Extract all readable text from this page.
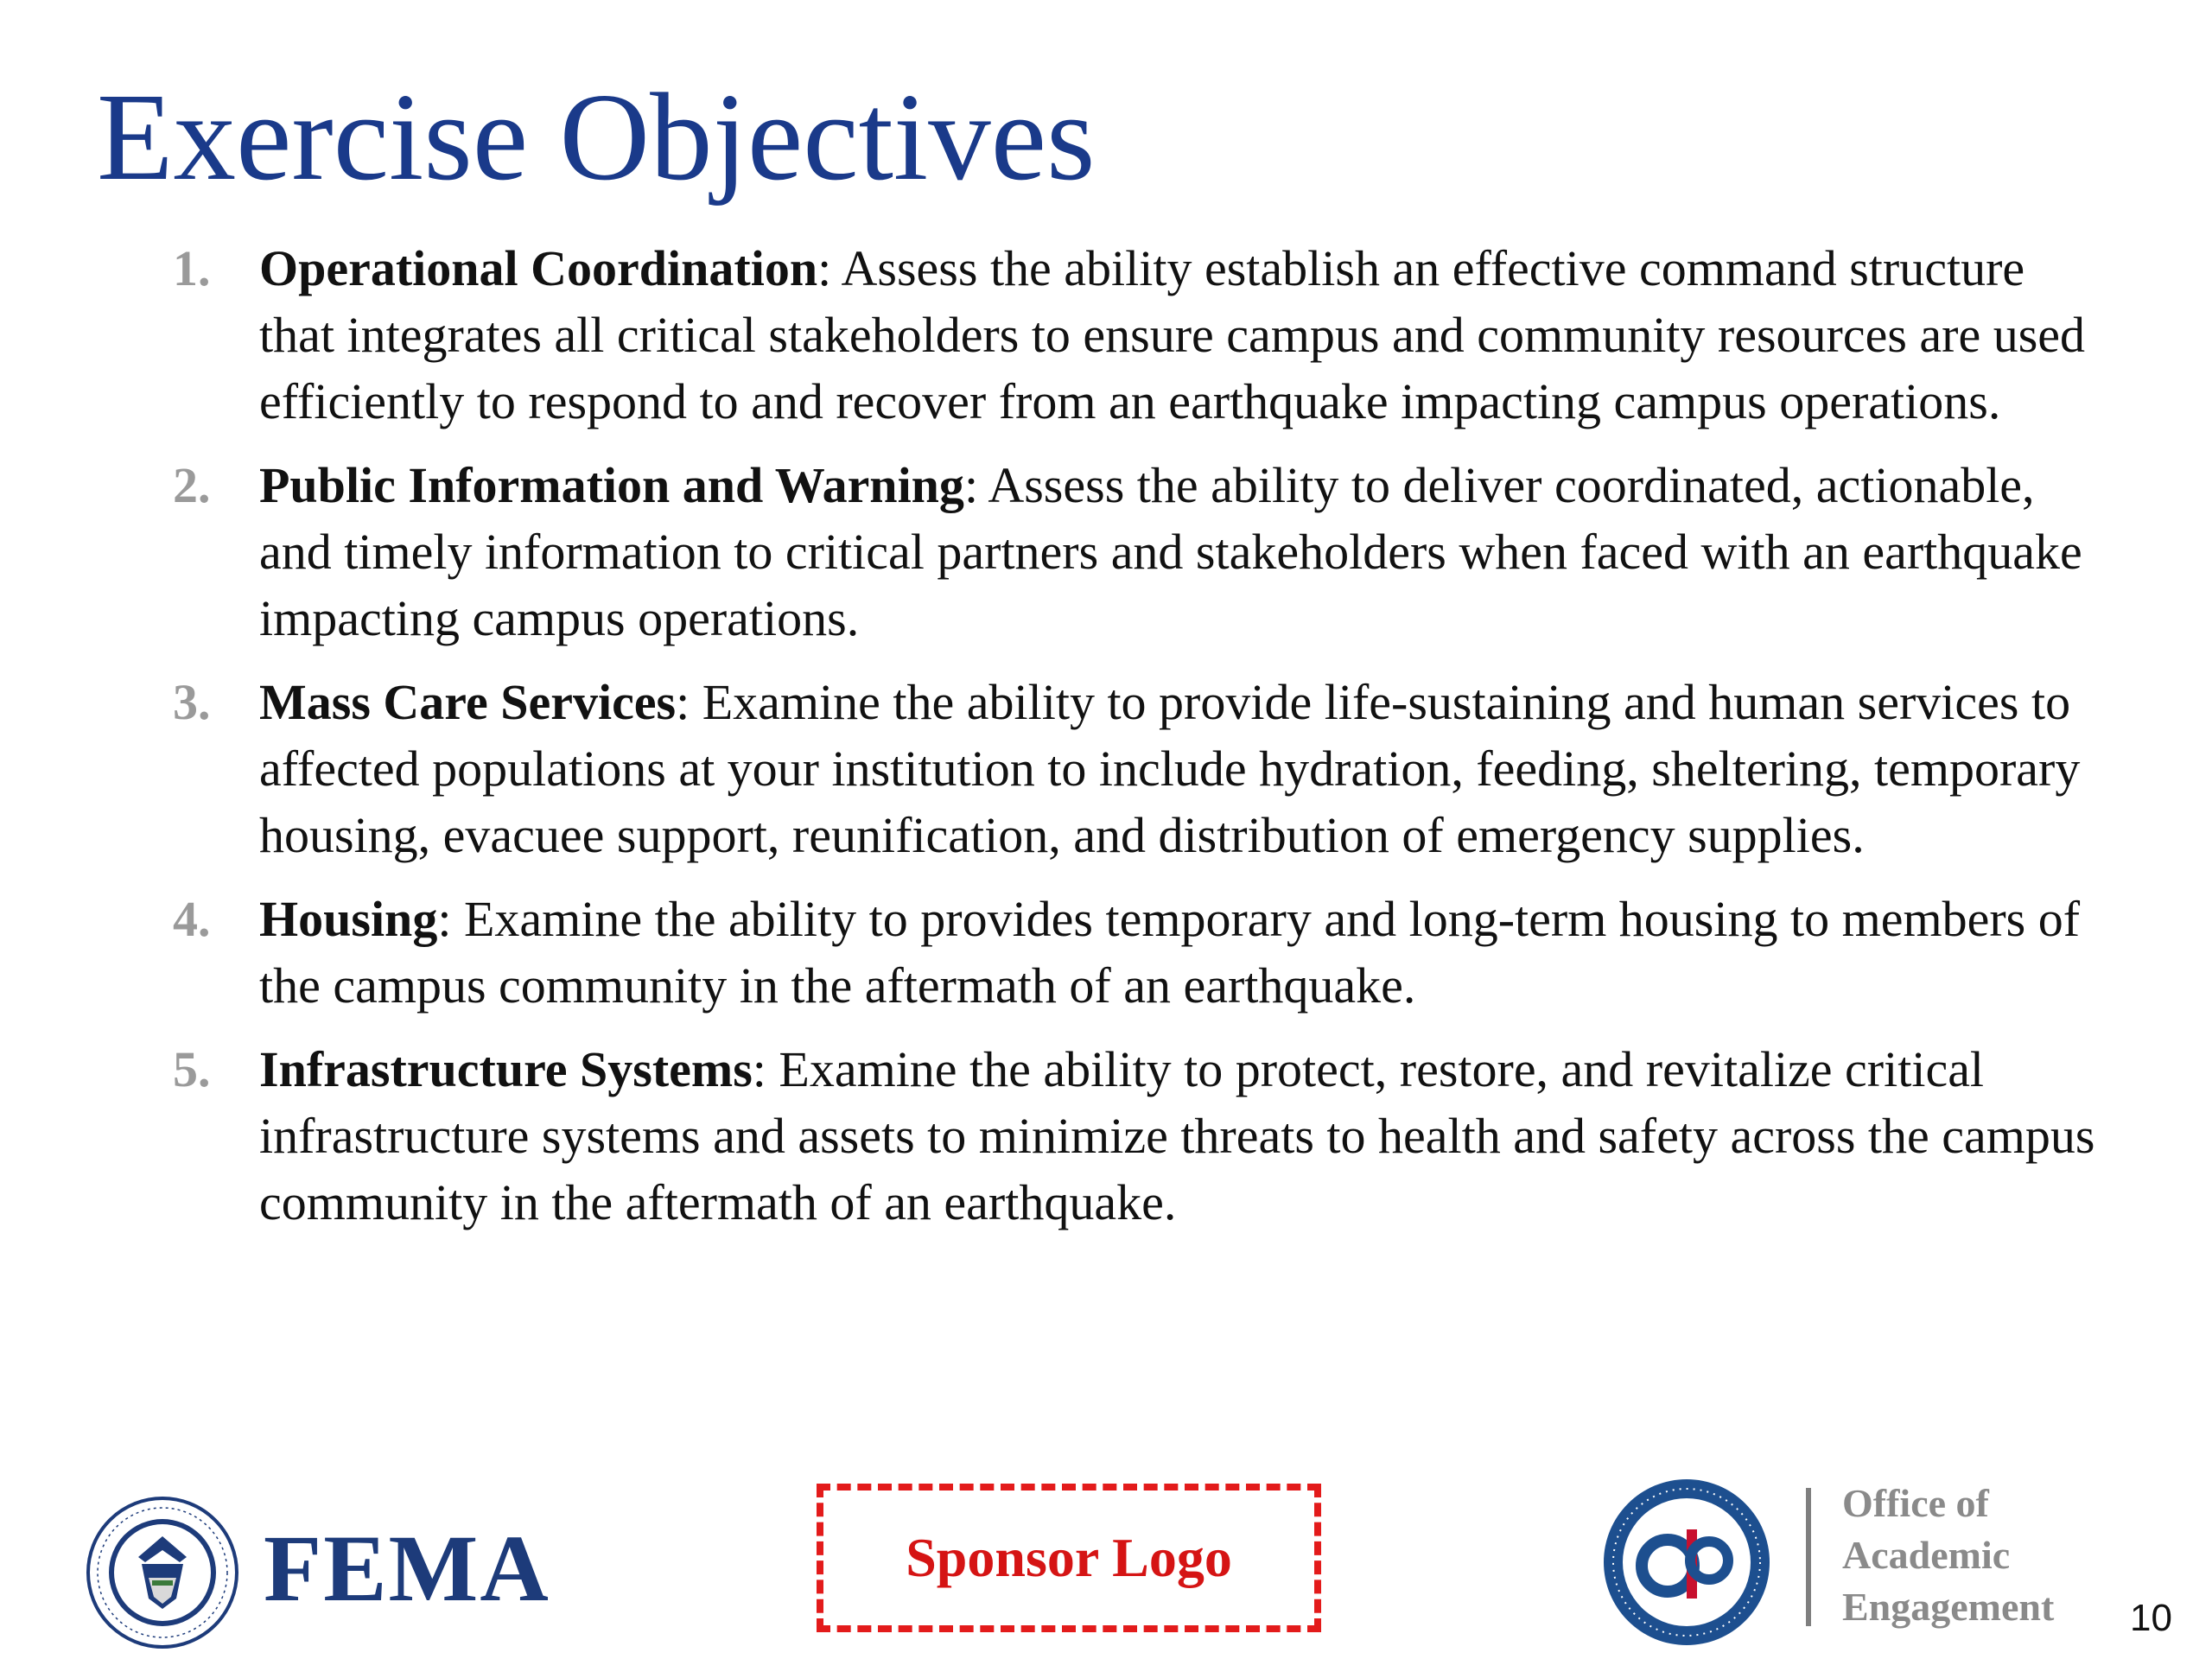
Exercise Objectives
1. Operational Coordination: Assess the ability establish an effective command structure that integrates all critical stakeholders to ensure campus and community resources are used efficiently to respond to and recover from an earthquake impacting campus operations.
2. Public Information and Warning: Assess the ability to deliver coordinated, actionable, and timely information to critical partners and stakeholders when faced with an earthquake impacting campus operations.
3. Mass Care Services: Examine the ability to provide life-sustaining and human services to affected populations at your institution to include hydration, feeding, sheltering, temporary housing, evacuee support, reunification, and distribution of emergency supplies.
4. Housing: Examine the ability to provides temporary and long-term housing to members of the campus community in the aftermath of an earthquake.
5. Infrastructure Systems: Examine the ability to protect, restore, and revitalize critical infrastructure systems and assets to minimize threats to health and safety across the campus community in the aftermath of an earthquake.
FEMA	Sponsor Logo
Office of
Academic
Engagement 10
